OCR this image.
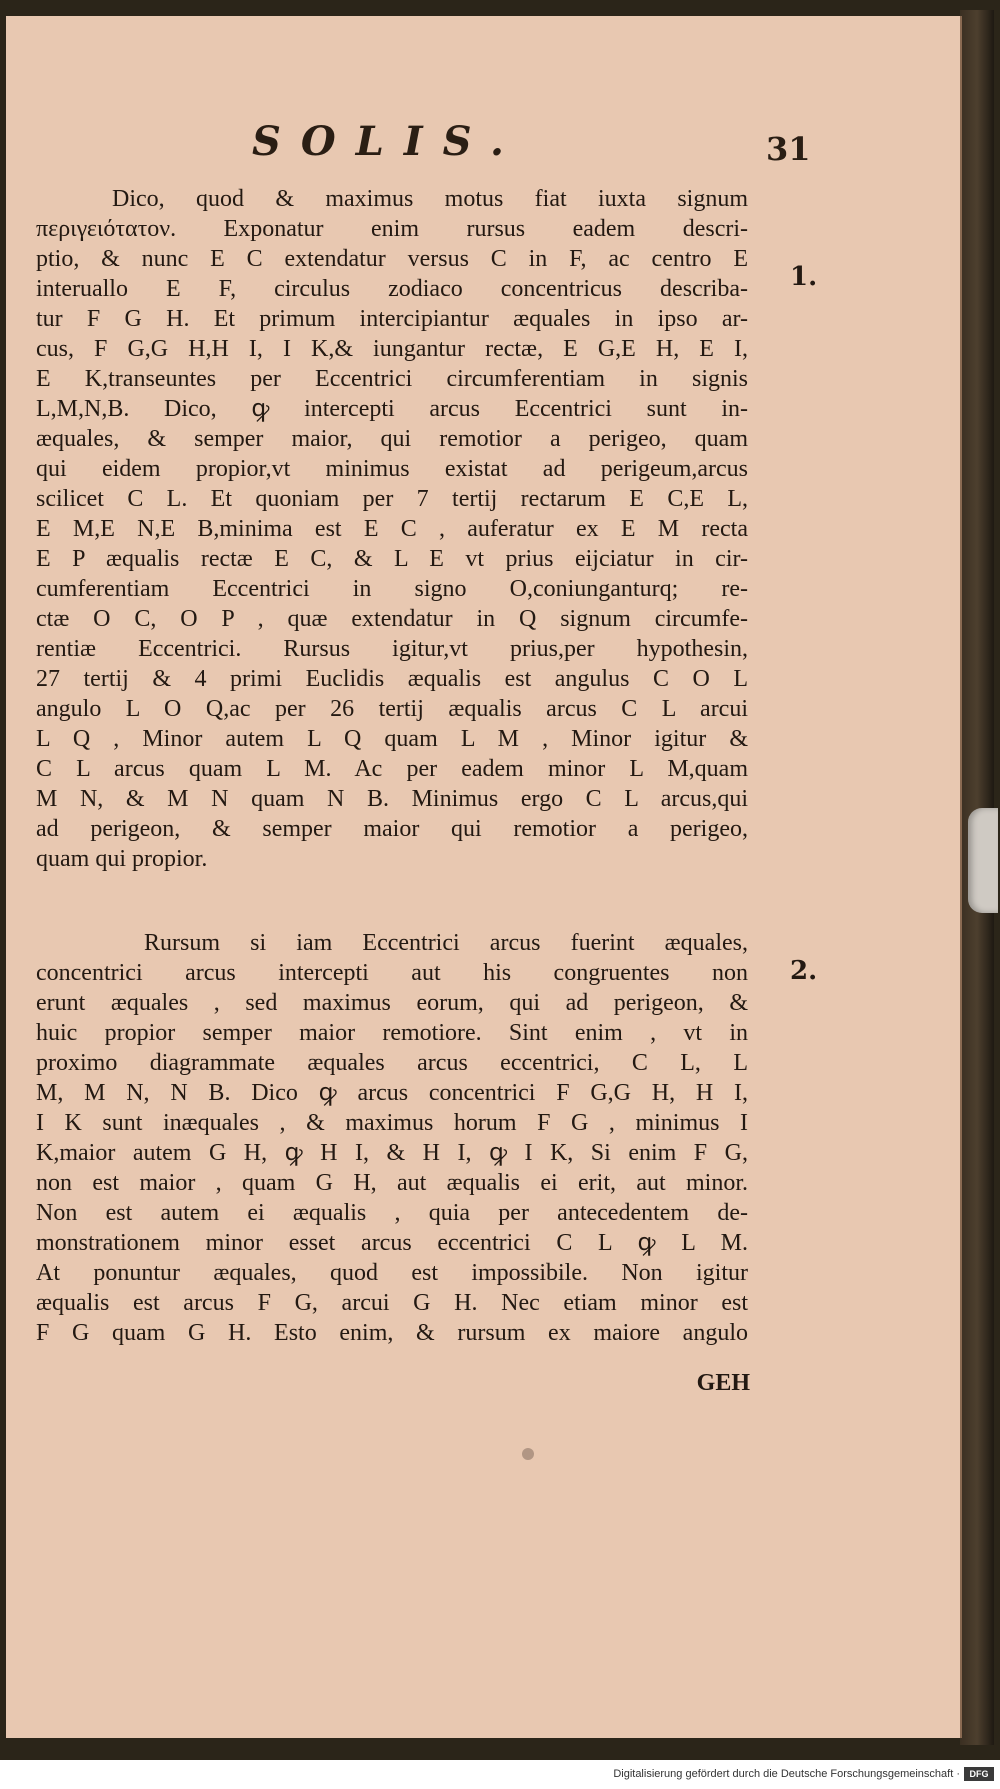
SOLIS.	31
Dico, quod & maximus motus fiat iuxta signum
περιγειότατον. Exponatur enim rursus eadem descri-
ptio, & nunc E C extendatur versus C in F, ac centro E
interuallo E F, circulus zodiaco concentricus describa-
tur F G H. Et primum intercipiantur æquales in ipso ar-
cus, F G,G H,H I, I K,& iungantur rectæ, E G,E H, E I,
E K,transeuntes per Eccentrici circumferentiam in signis
L,M,N,B. Dico, ꝙ intercepti arcus Eccentrici sunt in-
æquales, & semper maior, qui remotior a perigeo, quam
qui eidem propior,vt minimus existat ad perigeum,arcus
scilicet C L. Et quoniam per 7 tertij rectarum E C,E L,
E M,E N,E B,minima est E C , auferatur ex E M recta
E P æqualis rectæ E C, & L E vt prius eijciatur in cir-
cumferentiam Eccentrici in signo O,coniunganturq; re-
ctæ O C, O P , quæ extendatur in Q signum circumfe-
rentiæ Eccentrici. Rursus igitur,vt prius,per hypothesin,
27 tertij & 4 primi Euclidis æqualis est angulus C O L
angulo L O Q,ac per 26 tertij æqualis arcus C L arcui
L Q , Minor autem L Q quam L M , Minor igitur &
C L arcus quam L M. Ac per eadem minor L M,quam
M N, & M N quam N B. Minimus ergo C L arcus,qui
ad perigeon, & semper maior qui remotior a perigeo,
quam qui propior.
Rursum si iam Eccentrici arcus fuerint æquales,
concentrici arcus intercepti aut his congruentes non
erunt æquales , sed maximus eorum, qui ad perigeon, &
huic propior semper maior remotiore. Sint enim , vt in
proximo diagrammate æquales arcus eccentrici, C L, L
M, M N, N B. Dico ꝙ arcus concentrici F G,G H, H I,
I K sunt inæquales , & maximus horum F G , minimus I
K,maior autem G H, ꝙ H I, & H I, ꝙ I K, Si enim F G,
non est maior , quam G H, aut æqualis ei erit, aut minor.
Non est autem ei æqualis , quia per antecedentem de-
monstrationem minor esset arcus eccentrici C L ꝙ L M.
At ponuntur æquales, quod est impossibile. Non igitur
æqualis est arcus F G, arcui G H. Nec etiam minor est
F G quam G H. Esto enim, & rursum ex maiore angulo
GEH
1.
2.
Digitalisierung gefördert durch die Deutsche Forschungsgemeinschaft ·	DFG
